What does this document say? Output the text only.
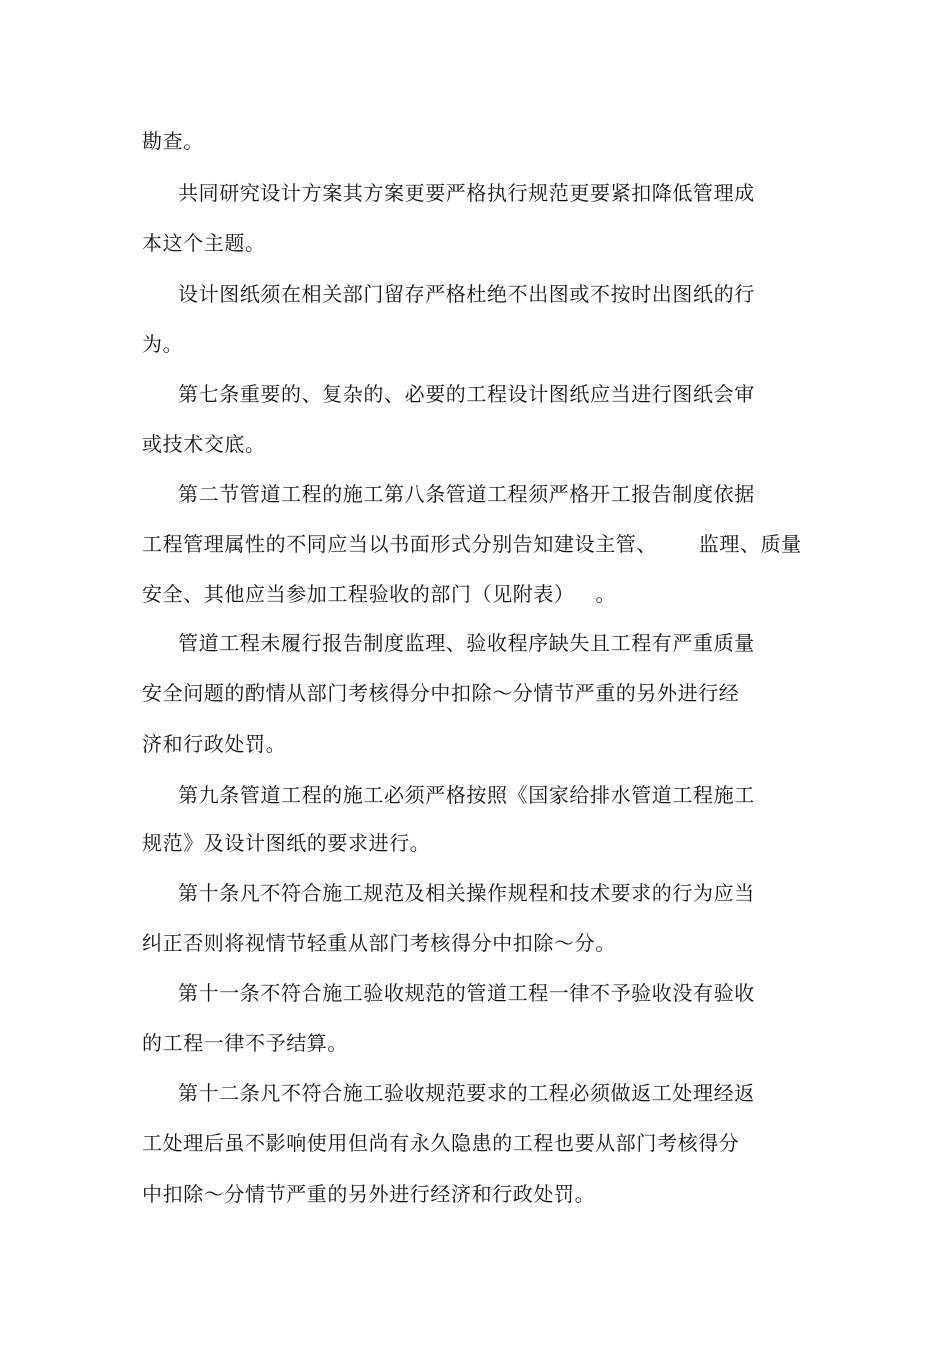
勘查。
共同研究设计方案其方案更要严格执行规范更要紧扣降低管理成
本这个主题。
设计图纸须在相关部门留存严格杜绝不出图或不按时出图纸的行
为。
第七条重要的、复杂的、必要的工程设计图纸应当进行图纸会审
或技术交底。
第二节管道工程的施工第八条管道工程须严格开工报告制度依据
工程管理属性的不同应当以书面形式分别告知建设主管、      监理、质量
安全、其他应当参加工程验收的部门（见附表）   。
管道工程未履行报告制度监理、验收程序缺失且工程有严重质量
安全问题的酌情从部门考核得分中扣除～分情节严重的另外进行经
济和行政处罚。
第九条管道工程的施工必须严格按照《国家给排水管道工程施工
规范》及设计图纸的要求进行。
第十条凡不符合施工规范及相关操作规程和技术要求的行为应当
纠正否则将视情节轻重从部门考核得分中扣除～分。
第十一条不符合施工验收规范的管道工程一律不予验收没有验收
的工程一律不予结算。
第十二条凡不符合施工验收规范要求的工程必须做返工处理经返
工处理后虽不影响使用但尚有永久隐患的工程也要从部门考核得分
中扣除～分情节严重的另外进行经济和行政处罚。
